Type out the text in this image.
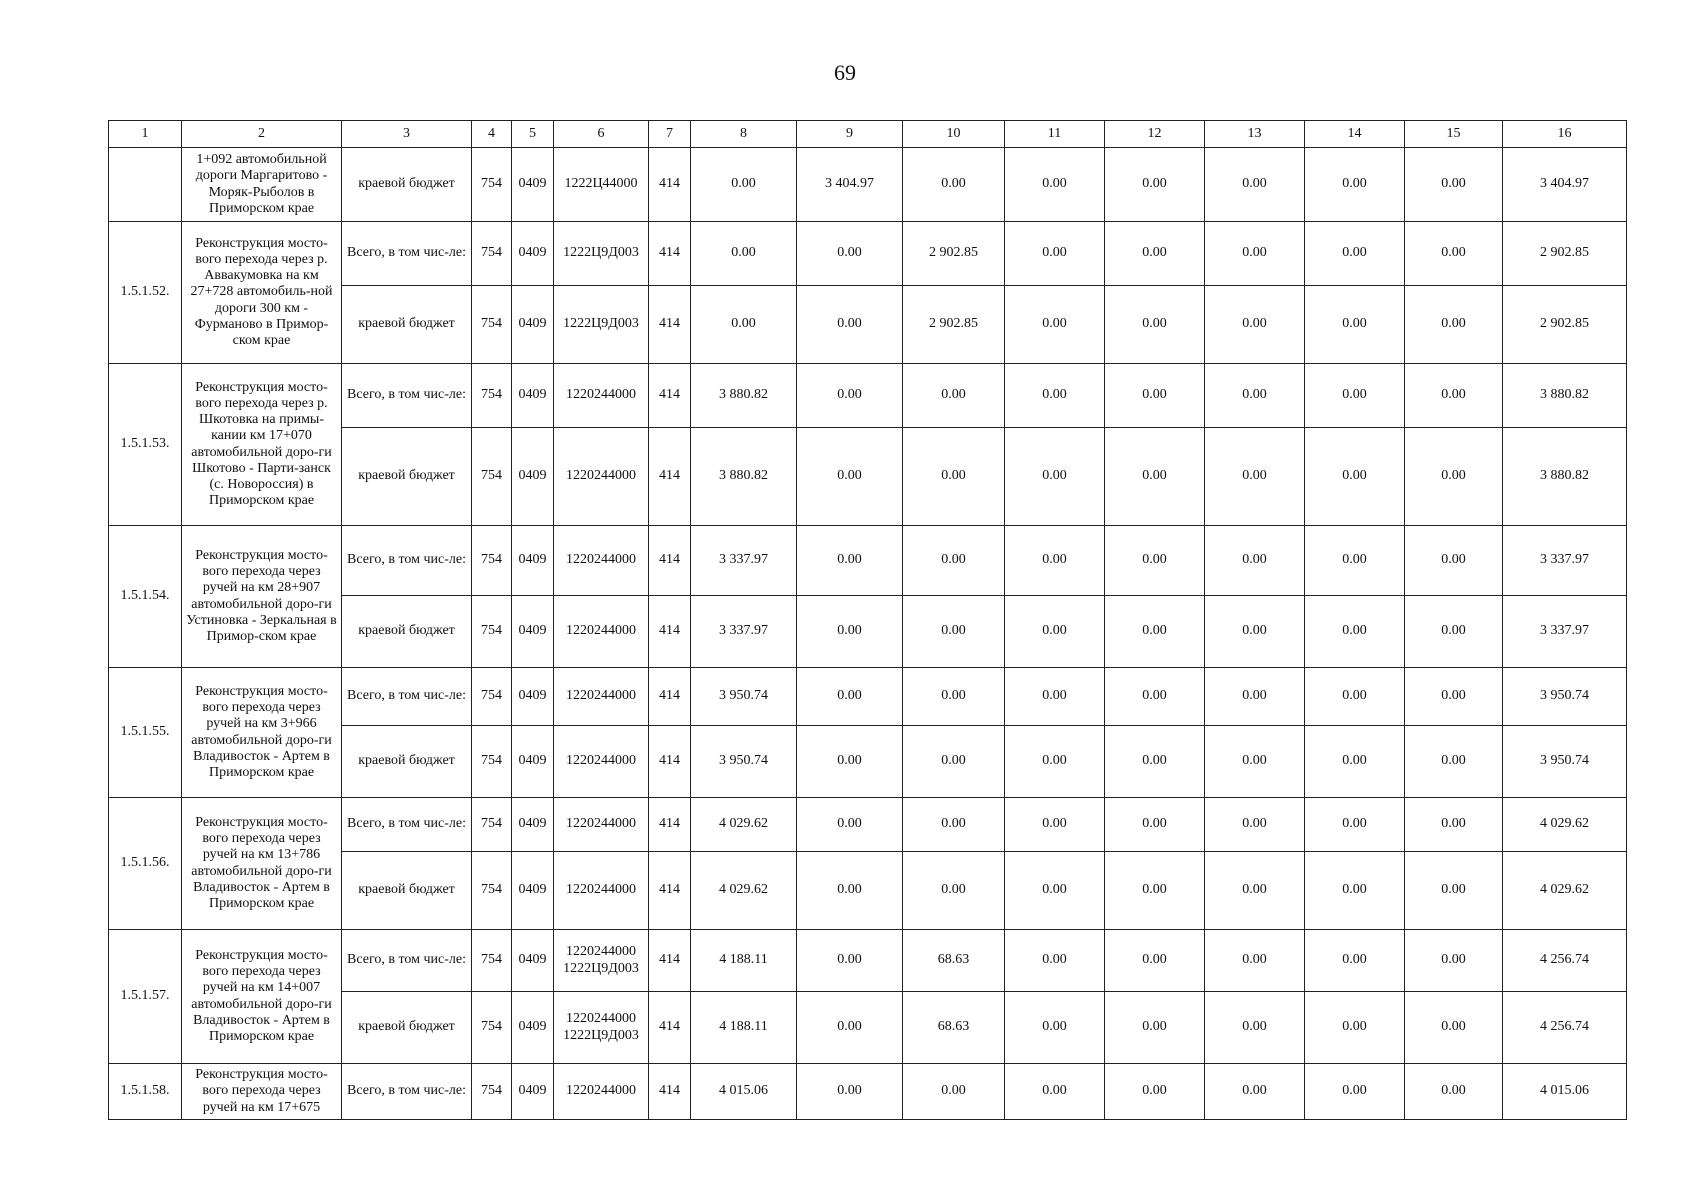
69
1	2	3	4	5	6	7	8	9	10	11	12	13	14	15	16
	1+092 автомобильной дороги Маргаритово - Моряк-Рыболов в Приморском крае	краевой бюджет	754	0409	1222Ц44000	414	0.00	3 404.97	0.00	0.00	0.00	0.00	0.00	0.00	3 404.97
1.5.1.52.	Реконструкция мосто-вого перехода через р. Аввакумовка на км 27+728 автомобиль-ной дороги 300 км - Фурманово в Примор-ском крае	Всего, в том чис-ле:	754	0409	1222Ц9Д003	414	0.00	0.00	2 902.85	0.00	0.00	0.00	0.00	0.00	2 902.85
		краевой бюджет	754	0409	1222Ц9Д003	414	0.00	0.00	2 902.85	0.00	0.00	0.00	0.00	0.00	2 902.85
1.5.1.53.	Реконструкция мосто-вого перехода через р. Шкотовка на примы-кании км 17+070 автомобильной доро-ги Шкотово - Парти-занск (с. Новороссия) в Приморском крае	Всего, в том чис-ле:	754	0409	1220244000	414	3 880.82	0.00	0.00	0.00	0.00	0.00	0.00	0.00	3 880.82
		краевой бюджет	754	0409	1220244000	414	3 880.82	0.00	0.00	0.00	0.00	0.00	0.00	0.00	3 880.82
1.5.1.54.	Реконструкция мосто-вого перехода через ручей на км 28+907 автомобильной доро-ги Устиновка - Зеркальная в Примор-ском крае	Всего, в том чис-ле:	754	0409	1220244000	414	3 337.97	0.00	0.00	0.00	0.00	0.00	0.00	0.00	3 337.97
		краевой бюджет	754	0409	1220244000	414	3 337.97	0.00	0.00	0.00	0.00	0.00	0.00	0.00	3 337.97
1.5.1.55.	Реконструкция мосто-вого перехода через ручей на км 3+966 автомобильной доро-ги Владивосток - Артем в Приморском крае	Всего, в том чис-ле:	754	0409	1220244000	414	3 950.74	0.00	0.00	0.00	0.00	0.00	0.00	0.00	3 950.74
		краевой бюджет	754	0409	1220244000	414	3 950.74	0.00	0.00	0.00	0.00	0.00	0.00	0.00	3 950.74
1.5.1.56.	Реконструкция мосто-вого перехода через ручей на км 13+786 автомобильной доро-ги Владивосток - Артем в Приморском крае	Всего, в том чис-ле:	754	0409	1220244000	414	4 029.62	0.00	0.00	0.00	0.00	0.00	0.00	0.00	4 029.62
		краевой бюджет	754	0409	1220244000	414	4 029.62	0.00	0.00	0.00	0.00	0.00	0.00	0.00	4 029.62
1.5.1.57.	Реконструкция мосто-вого перехода через ручей на км 14+007 автомобильной доро-ги Владивосток - Артем в Приморском крае	Всего, в том чис-ле:	754	0409	1220244000 1222Ц9Д003	414	4 188.11	0.00	68.63	0.00	0.00	0.00	0.00	0.00	4 256.74
		краевой бюджет	754	0409	1220244000 1222Ц9Д003	414	4 188.11	0.00	68.63	0.00	0.00	0.00	0.00	0.00	4 256.74
1.5.1.58.	Реконструкция мосто-вого перехода через ручей на км 17+675	Всего, в том чис-ле:	754	0409	1220244000	414	4 015.06	0.00	0.00	0.00	0.00	0.00	0.00	0.00	4 015.06
